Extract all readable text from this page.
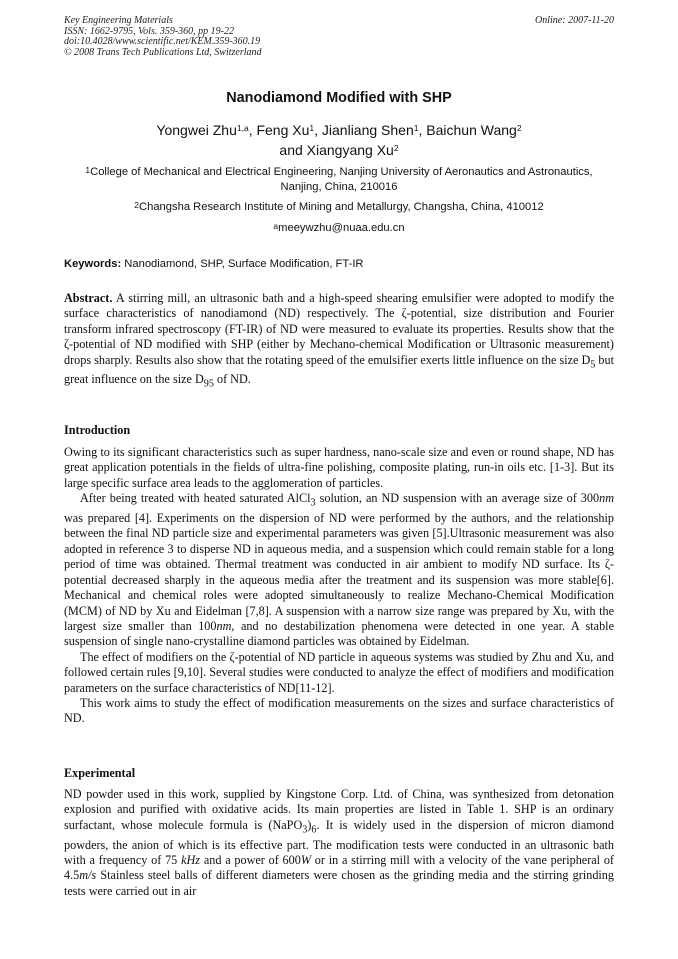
Key Engineering Materials
ISSN: 1662-9795, Vols. 359-360, pp 19-22
doi:10.4028/www.scientific.net/KEM.359-360.19
© 2008 Trans Tech Publications Ltd, Switzerland
Online: 2007-11-20
Nanodiamond Modified with SHP
Yongwei Zhu$^{1,a}$, Feng Xu$^1$, Jianliang Shen$^1$, Baichun Wang$^2$
and Xiangyang Xu$^2$
$^1$College of Mechanical and Electrical Engineering, Nanjing University of Aeronautics and Astronautics, Nanjing, China, 210016
$^2$Changsha Research Institute of Mining and Metallurgy, Changsha, China, 410012
$^a$meeywzhu@nuaa.edu.cn
Keywords: Nanodiamond, SHP, Surface Modification, FT-IR

Abstract. A stirring mill, an ultrasonic bath and a high-speed shearing emulsifier were adopted to modify the surface characteristics of nanodiamond (ND) respectively. The ζ-potential, size distribution and Fourier transform infrared spectroscopy (FT-IR) of ND were measured to evaluate its properties. Results show that the ζ-potential of ND modified with SHP (either by Mechano-chemical Modification or Ultrasonic measurement) drops sharply. Results also show that the rotating speed of the emulsifier exerts little influence on the size $D_5$ but great influence on the size $D_{95}$ of ND.

Introduction

Owing to its significant characteristics such as super hardness, nano-scale size and even or round shape, ND has great application potentials in the fields of ultra-fine polishing, composite plating, run-in oils etc. [1-3]. But its large specific surface area leads to the agglomeration of particles.

After being treated with heated saturated AlCl$_3$ solution, an ND suspension with an average size of 300nm was prepared [4]. Experiments on the dispersion of ND were performed by the authors, and the relationship between the final ND particle size and experimental parameters was given [5].Ultrasonic measurement was also adopted in reference 3 to disperse ND in aqueous media, and a suspension which could remain stable for a long period of time was obtained. Thermal treatment was conducted in air ambient to modify ND surface. Its ζ-potential decreased sharply in the aqueous media after the treatment and its suspension was more stable[6]. Mechanical and chemical roles were adopted simultaneously to realize Mechano-Chemical Modification (MCM) of ND by Xu and Eidelman [7,8]. A suspension with a narrow size range was prepared by Xu, with the largest size smaller than 100nm, and no destabilization phenomena were detected in one year. A stable suspension of single nano-crystalline diamond particles was obtained by Eidelman.

The effect of modifiers on the ζ-potential of ND particle in aqueous systems was studied by Zhu and Xu, and followed certain rules [9,10]. Several studies were conducted to analyze the effect of modifiers and modification parameters on the surface characteristics of ND[11-12].

This work aims to study the effect of modification measurements on the sizes and surface characteristics of ND.

Experimental

ND powder used in this work, supplied by Kingstone Corp. Ltd. of China, was synthesized from detonation explosion and purified with oxidative acids. Its main properties are listed in Table 1. SHP is an ordinary surfactant, whose molecule formula is $(NaPO_3)_6$. It is widely used in the dispersion of micron diamond powders, the anion of which is its effective part. The modification tests were conducted in an ultrasonic bath with a frequency of 75 kHz and a power of 600W or in a stirring mill with a velocity of the vane peripheral of 4.5m/s Stainless steel balls of different diameters were chosen as the grinding media and the stirring grinding tests were carried out in air
